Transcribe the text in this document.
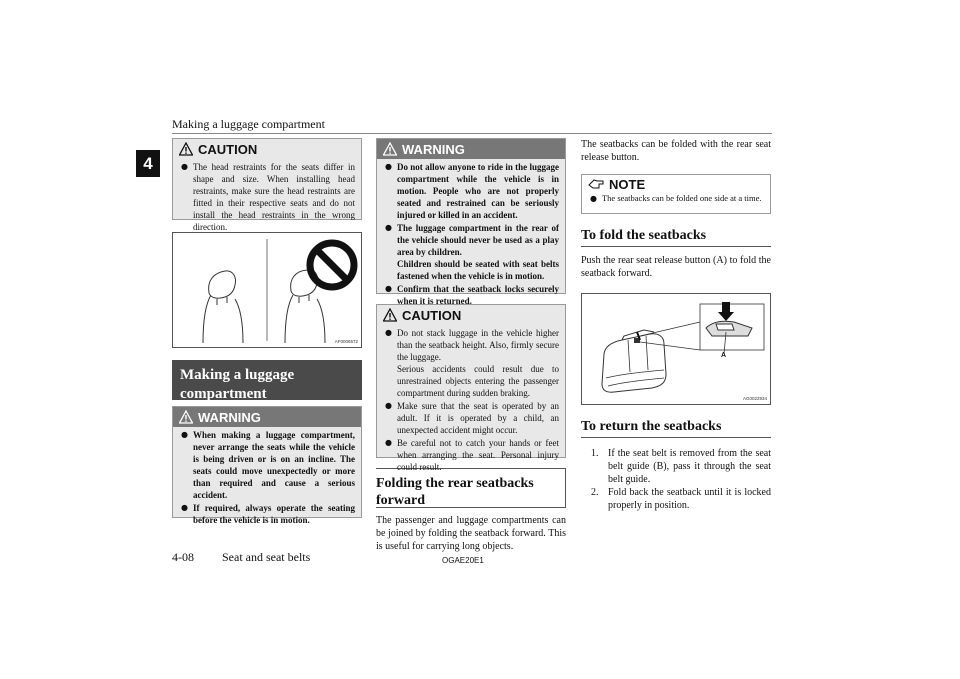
Making a luggage compartment
4
CAUTION
● The head restraints for the seats differ in shape and size. When installing head restraints, make sure the head restraints are fitted in their respective seats and do not install the head restraints in the wrong direction.
AF0006572
Making a luggage compartment
WARNING
● When making a luggage compartment, never arrange the seats while the vehicle is being driven or is on an incline. The seats could move unexpectedly or more than required and cause a serious accident.
● If required, always operate the seating before the vehicle is in motion.
WARNING
● Do not allow anyone to ride in the luggage compartment while the vehicle is in motion. People who are not properly seated and restrained can be seriously injured or killed in an accident.
● The luggage compartment in the rear of the vehicle should never be used as a play area by children.
Children should be seated with seat belts fastened when the vehicle is in motion.
● Confirm that the seatback locks securely when it is returned.
CAUTION
● Do not stack luggage in the vehicle higher than the seatback height. Also, firmly secure the luggage.
Serious accidents could result due to unrestrained objects entering the passenger compartment during sudden braking.
● Make sure that the seat is operated by an adult. If it is operated by a child, an unexpected accident might occur.
● Be careful not to catch your hands or feet when arranging the seat. Personal injury could result.
Folding the rear seatbacks forward
The passenger and luggage compartments can be joined by folding the seatback forward. This is useful for carrying long objects.
The seatbacks can be folded with the rear seat release button.
NOTE
● The seatbacks can be folded one side at a time.
To fold the seatbacks
Push the rear seat release button (A) to fold the seatback forward.
A
AG0022934
To return the seatbacks
1. If the seat belt is removed from the seat belt guide (B), pass it through the seat belt guide.
2. Fold back the seatback until it is locked properly in position.
4-08 Seat and seat belts	OGAE20E1
